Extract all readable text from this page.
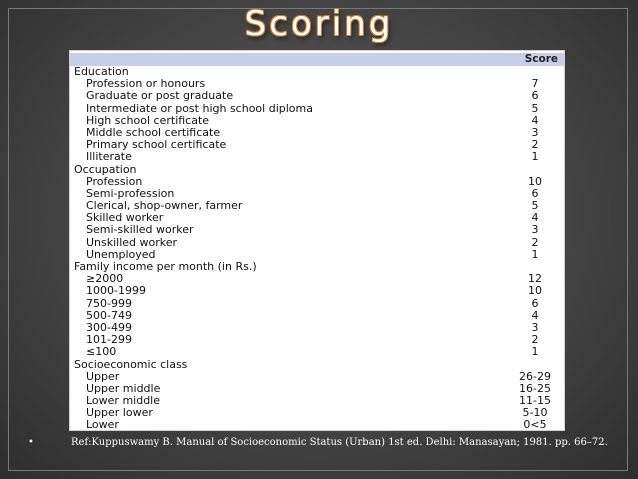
Scoring
Score
Education
Profession or honours	7
Graduate or post graduate	6
Intermediate or post high school diploma	5
High school certificate	4
Middle school certificate	3
Primary school certificate	2
Illiterate	1
Occupation
Profession	10
Semi-profession	6
Clerical, shop-owner, farmer	5
Skilled worker	4
Semi-skilled worker	3
Unskilled worker	2
Unemployed	1
Family income per month (in Rs.)
≥2000	12
1000-1999	10
750-999	6
500-749	4
300-499	3
101-299	2
≤100	1
Socioeconomic class
Upper	26-29
Upper middle	16-25
Lower middle	11-15
Upper lower	5-10
Lower	0<5
•	Ref:Kuppuswamy B. Manual of Socioeconomic Status (Urban) 1st ed. Delhi: Manasayan; 1981. pp. 66–72.
